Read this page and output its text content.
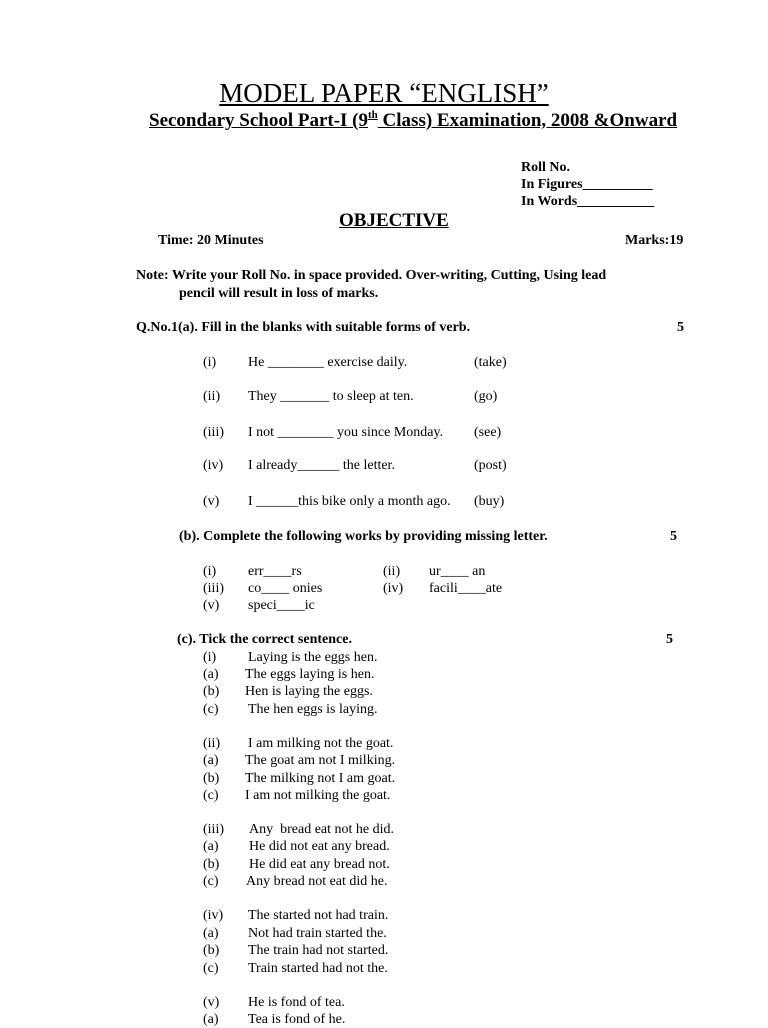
MODEL PAPER “ENGLISH”
Secondary School Part-I (9th Class) Examination, 2008 &Onward
Roll No.
In Figures__________
In Words___________
OBJECTIVE
Time: 20 Minutes	Marks:19
Note: Write your Roll No. in space provided. Over-writing, Cutting, Using lead
pencil will result in loss of marks.
Q.No.1(a). Fill in the blanks with suitable forms of verb.	5
(i) He ________ exercise daily.	(take)
(ii) They _______ to sleep at ten.	(go)
(iii) I not ________ you since Monday. (see)
(iv) I already______ the letter.	(post)
(v) I ______this bike only a month ago. (buy)
(b). Complete the following works by providing missing letter.	5
(i) err____rs	(ii) ur____ an
(iii) co____ onies	(iv) facili____ate
(v) speci____ic
(c). Tick the correct sentence.	5
(i) Laying is the eggs hen.
(a) The eggs laying is hen.
(b) Hen is laying the eggs.
(c) The hen eggs is laying.
(ii) I am milking not the goat.
(a) The goat am not I milking.
(b) The milking not I am goat.
(c) I am not milking the goat.
(iii) Any  bread eat not he did.
(a) He did not eat any bread.
(b) He did eat any bread not.
(c) Any bread not eat did he.
(iv) The started not had train.
(a) Not had train started the.
(b) The train had not started.
(c) Train started had not the.
(v) He is fond of tea.
(a) Tea is fond of he.
